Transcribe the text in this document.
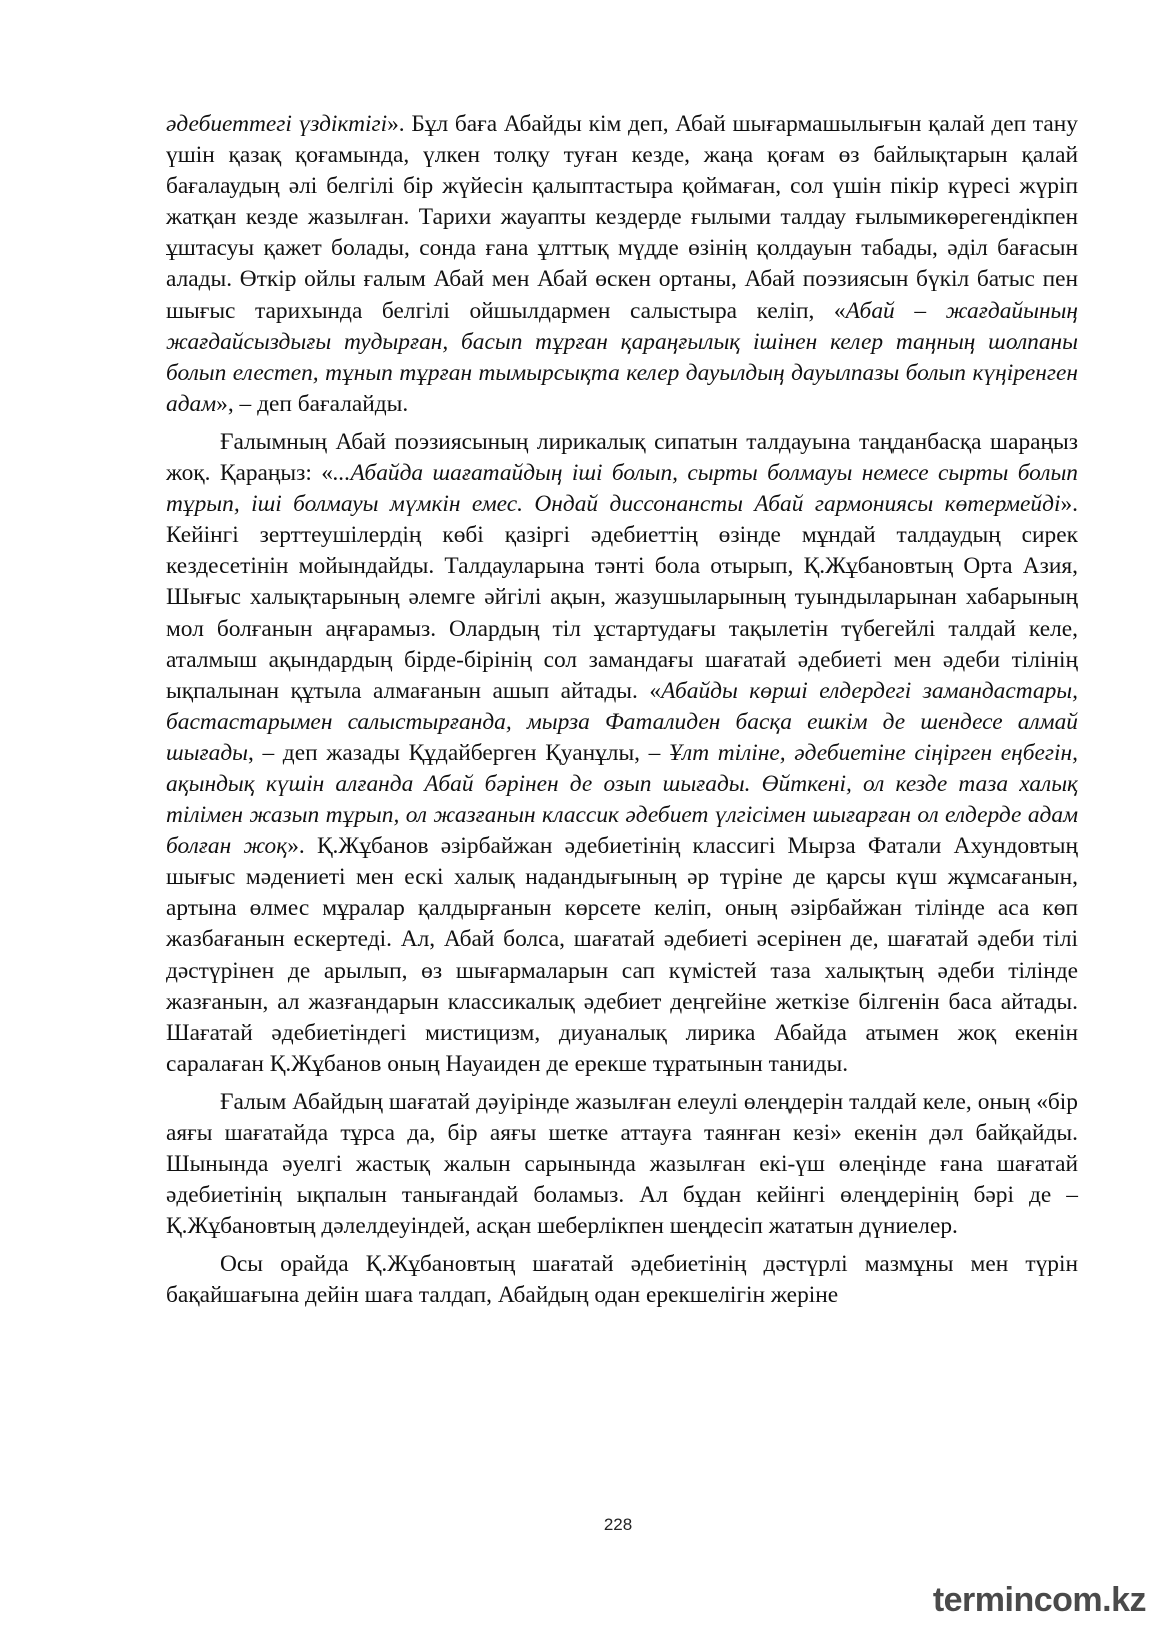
әдебиеттегі үздіктігі». Бұл баға Абайды кім деп, Абай шығармашылығын қалай деп тану үшін қазақ қоғамында, үлкен толқу туған кезде, жаңа қоғам өз байлықтарын қалай бағалаудың әлі белгілі бір жүйесін қалыптастыра қоймаған, сол үшін пікір күресі жүріп жатқан кезде жазылған. Тарихи жауапты кездерде ғылыми талдау ғылымикөрегендікпен ұштасуы қажет болады, сонда ғана ұлттық мүдде өзінің қолдауын табады, әділ бағасын алады. Өткір ойлы ғалым Абай мен Абай өскен ортаны, Абай поэзиясын бүкіл батыс пен шығыс тарихында белгілі ойшылдармен салыстыра келіп, «Абай – жағдайының жағдайсыздығы тудырған, басып тұрған қараңғылық ішінен келер таңның шолпаны болып елестеп, тұнып тұрған тымырсықта келер дауылдың дауылпазы болып күңіренген адам», – деп бағалайды.

Ғалымның Абай поэзиясының лирикалық сипатын талдауына таңданбасқа шараңыз жоқ. Қараңыз: «...Абайда шағатайдың іші болып, сырты болмауы немесе сырты болып тұрып, іші болмауы мүмкін емес. Ондай диссонансты Абай гармониясы көтермейді». Кейінгі зерттеушілердің көбі қазіргі әдебиеттің өзінде мұндай талдаудың сирек кездесетінін мойындайды. Талдауларына тәнті бола отырып, Қ.Жұбановтың Орта Азия, Шығыс халықтарының әлемге әйгілі ақын, жазушыларының туындыларынан хабарының мол болғанын аңғарамыз. Олардың тіл ұстартудағы тақылетін түбегейлі талдай келе, аталмыш ақындардың бірде-бірінің сол замандағы шағатай әдебиеті мен әдеби тілінің ықпалынан құтыла алмағанын ашып айтады. «Абайды көрші елдердегі замандастары, бастастарымен салыстырғанда, мырза Фаталиден басқа ешкім де шендесе алмай шығады, – деп жазады Құдайберген Қуанұлы, – Ұлт тіліне, әдебиетіне сіңірген еңбегін, ақындық күшін алғанда Абай бәрінен де озып шығады. Өйткені, ол кезде таза халық тілімен жазып тұрып, ол жазғанын классик әдебиет үлгісімен шығарған ол елдерде адам болған жоқ». Қ.Жұбанов әзірбайжан әдебиетінің классигі Мырза Фатали Ахундовтың шығыс мәдениеті мен ескі халық надандығының әр түріне де қарсы күш жұмсағанын, артына өлмес мұралар қалдырғанын көрсете келіп, оның әзірбайжан тілінде аса көп жазбағанын ескертеді. Ал, Абай болса, шағатай әдебиеті әсерінен де, шағатай әдеби тілі дәстүрінен де арылып, өз шығармаларын сап күмістей таза халықтың әдеби тілінде жазғанын, ал жазғандарын классикалық әдебиет деңгейіне жеткізе білгенін баса айтады. Шағатай әдебиетіндегі мистицизм, диуаналық лирика Абайда атымен жоқ екенін саралаған Қ.Жұбанов оның Науаиден де ерекше тұратынын таниды.

Ғалым Абайдың шағатай дәуірінде жазылған елеулі өлеңдерін талдай келе, оның «бір аяғы шағатайда тұрса да, бір аяғы шетке аттауға таянған кезі» екенін дәл байқайды. Шынында әуелгі жастық жалын сарынында жазылған екі-үш өлеңінде ғана шағатай әдебиетінің ықпалын танығандай боламыз. Ал бұдан кейінгі өлеңдерінің бәрі де – Қ.Жұбановтың дәлелдеуіндей, асқан шеберлікпен шеңдесіп жататын дүниелер.

Осы орайда Қ.Жұбановтың шағатай әдебиетінің дәстүрлі мазмұны мен түрін бақайшағына дейін шаға талдап, Абайдың одан ерекшелігін жеріне

228
termincom.kz
